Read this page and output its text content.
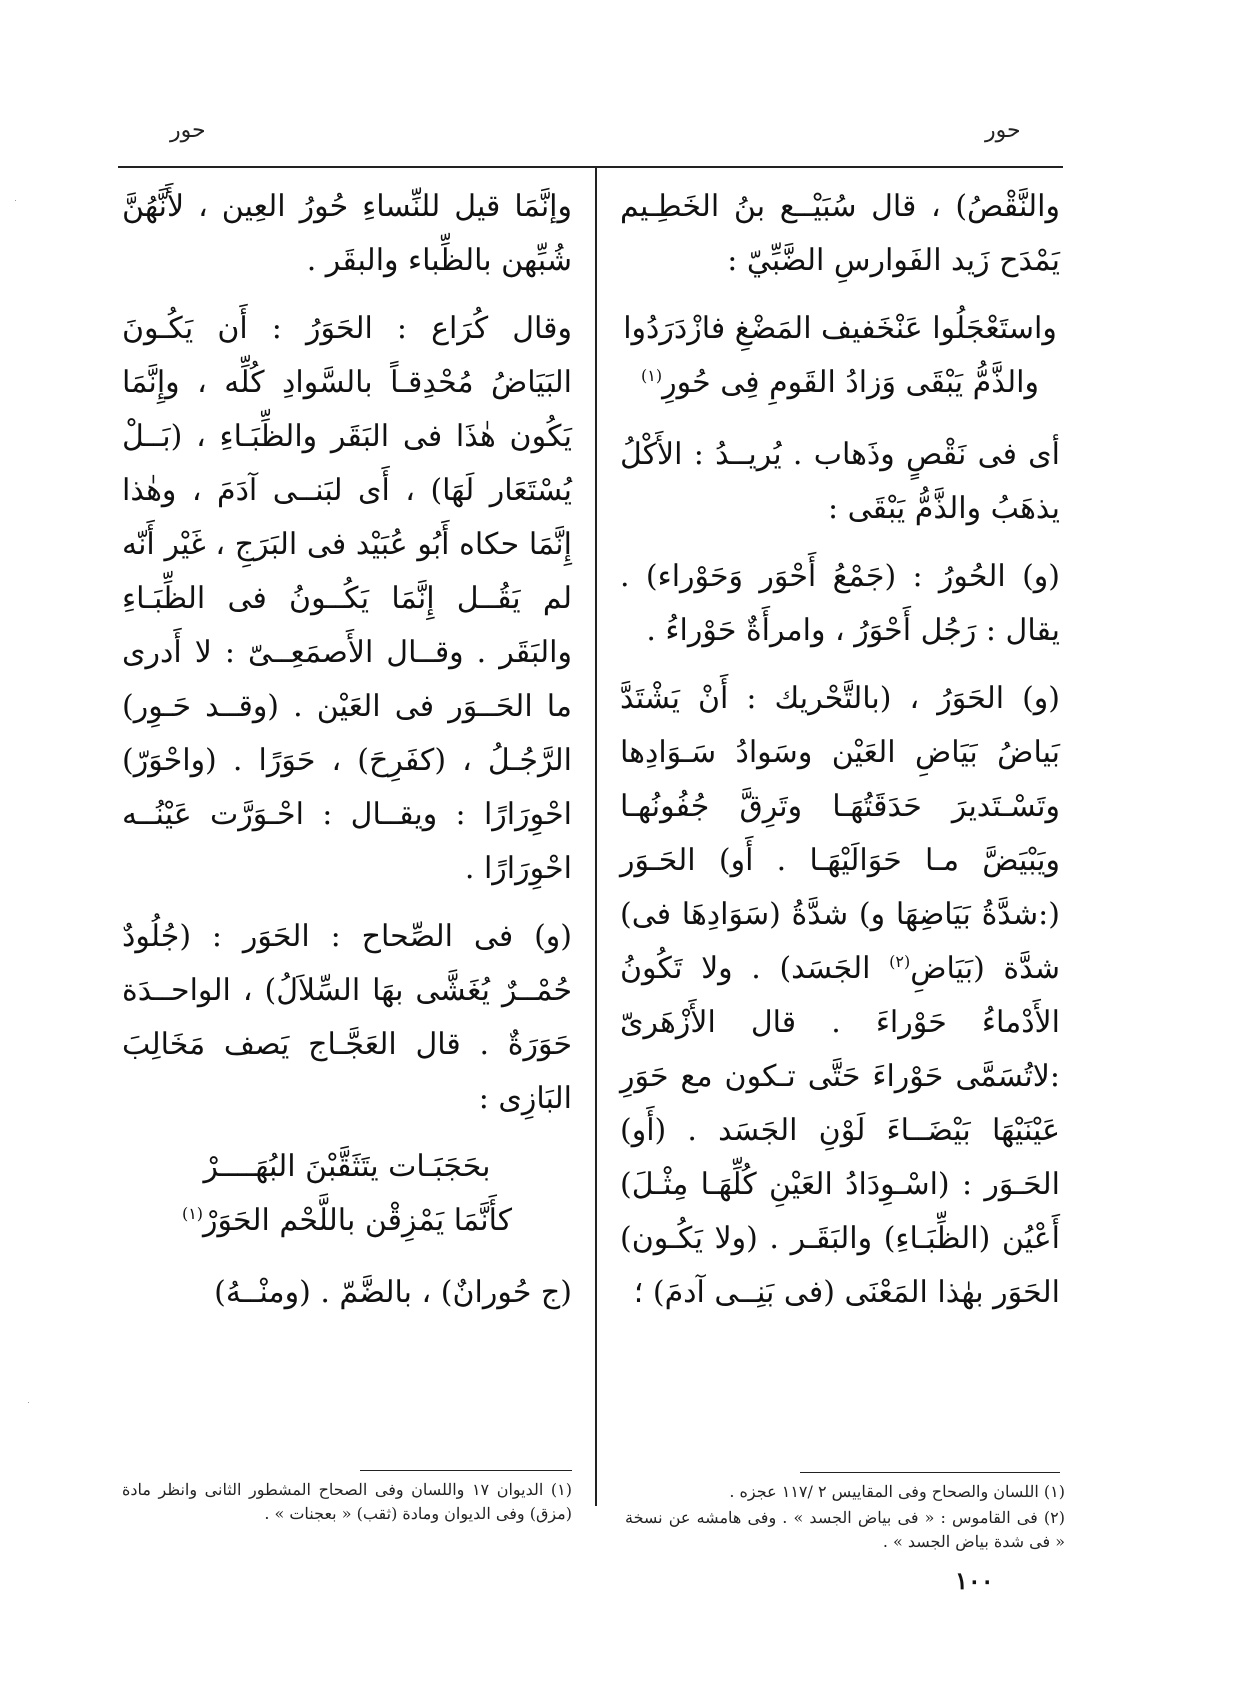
حور	حور

والنَّقْصُ) ، قال سُبَيْــع بنُ الخَطِـيم يَمْدَح زَيد الفَوارسِ الضَّبِّيّ :

واستَعْجَلُوا عَنْخَفيف المَضْغِ فازْدَرَدُوا
والذَّمُّ يَبْقَى وَزادُ القَومِ فِى حُورِ$^{(١)}$

أى فى نَقْصٍ وذَهاب . يُريــدُ : الأَكْلُ يذهَبُ والذَّمُّ يَبْقَى :

(و) الحُورُ : (جَمْعُ أَحْوَر وَحَوْراء) . يقال : رَجُل أَحْوَرُ ، وامرأَةٌ حَوْراءُ .

(و) الحَوَرُ ، (بالتَّحْريك : أَنْ يَشْتَدَّ بَياضُ بَيَاضِ العَيْن وسَوادُ سَـوَادِها وتَسْـتَديرَ حَدَقَتُهَـا وتَرِقَّ جُفُونُهـا ويَبْيَضَّ مـا حَوَالَيْهَـا . أَو) الحَـوَر (:شدَّةُ بَيَاضِهَا و) شدَّةُ (سَوَادِهَا فى) شدَّة (بَيَاضِ$^{(٢)}$ الجَسَد) . ولا تَكُونُ الأَدْماءُ حَوْراءَ . قال الأَزْهَرىّ :لاتُسَمَّى حَوْراءَ حَتَّى تـكون مع حَوَرِ عَيْنَيْهَا بَيْضَــاءَ لَوْنِ الجَسَد . (أَو) الحَـوَر : (اسْـوِدَادُ العَيْنِ كُلِّهَـا مِثْـلَ) أَعْيُن (الظِّبَـاءِ) والبَقَـر . (ولا يَكُـون) الحَوَر بهٰذا المَعْنَى (فى بَنِــى آدمَ) ؛

وإنَّمَا قيل للنِّساءِ حُورُ العِين ، لأَنَّهُنَّ شُبِّهن بالظِّباء والبقَر .

وقال كُرَاع : الحَوَرُ : أَن يَكُـونَ البَيَاضُ مُحْدِقـاً بالسَّوادِ كُلِّه ، وإِنَّمَا يَكُون هٰذَا فى البَقَر والظِّبَـاءِ ، (بَــلْ يُسْتَعَار لَهَا) ، أَى لبَنــى آدَمَ ، وهٰذا إِنَّمَا حكاه أَبُو عُبَيْد فى البَرَجِ ، غَيْر أَنّه لم يَقُــل إِنَّمَا يَكُــونُ فى الظِّبَـاءِ والبَقَر . وقــال الأَصمَعِــىّ : لا أَدرى ما الحَــوَر فى العَيْن . (وقــد حَـوِر) الرَّجُـلُ ، (كفَرِحَ) ، حَوَرًا . (واحْوَرّ) احْوِرَارًا : ويقــال : احْـوَرَّت عَيْنُــه احْوِرَارًا .

(و) فى الصِّحاح : الحَوَر : (جُلُودٌ حُمْــرٌ يُغَشَّى بهَا السِّلاَلُ) ، الواحــدَة حَوَرَةٌ . قال العَجَّـاج يَصف مَخَالِبَ البَازِى :

بحَجَبَـات يتَثَقَّبْنَ البُهَــــرْ
كأَنَّمَا يَمْزِقْن باللَّحْم الحَوَرْ$^{(١)}$

(ج حُورانٌ) ، بالضَّمّ . (ومنْــهُ)

(١) اللسان والصحاح وفى المقاييس ٢ /١١٧ عجزه .

(٢) فى القاموس : « فى بياض الجسد » . وفى هامشه عن نسخة « فى شدة بياض الجسد » .

(١) الديوان ١٧ واللسان وفى الصحاح المشطور الثانى وانظر مادة (مزق) وفى الديوان ومادة (ثقب) « بعجنات » .

١٠٠
